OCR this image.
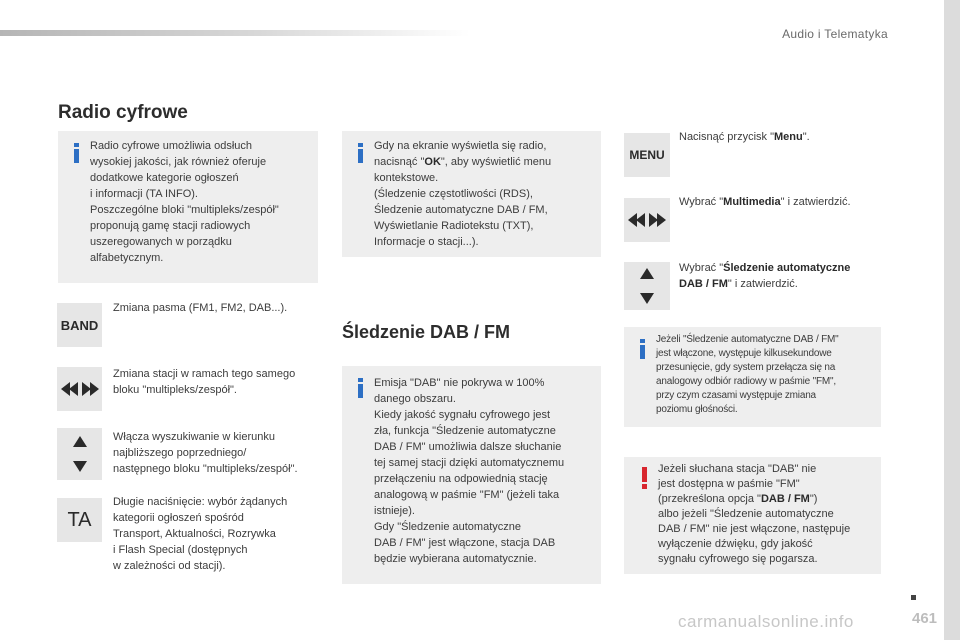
Audio i Telematyka
Radio cyfrowe
Radio cyfrowe umożliwia odsłuch
wysokiej jakości, jak również oferuje
dodatkowe kategorie ogłoszeń
i informacji (TA INFO).
Poszczególne bloki "multipleks/zespół"
proponują gamę stacji radiowych
uszeregowanych w porządku
alfabetycznym.
BAND
Zmiana pasma (FM1, FM2, DAB...).
Zmiana stacji w ramach tego samego
bloku "multipleks/zespół".
Włącza wyszukiwanie w kierunku
najbliższego poprzedniego/
następnego bloku "multipleks/zespół".
TA
Długie naciśnięcie: wybór żądanych
kategorii ogłoszeń spośród
Transport, Aktualności, Rozrywka
i Flash Special (dostępnych
w zależności od stacji).
Gdy na ekranie wyświetla się radio,
nacisnąć "OK", aby wyświetlić menu
kontekstowe.
(Śledzenie częstotliwości (RDS),
Śledzenie automatyczne DAB / FM,
Wyświetlanie Radiotekstu (TXT),
Informacje o stacji...).
Śledzenie DAB / FM
Emisja "DAB" nie pokrywa w 100%
danego obszaru.
Kiedy jakość sygnału cyfrowego jest
zła, funkcja "Śledzenie automatyczne
DAB / FM" umożliwia dalsze słuchanie
tej samej stacji dzięki automatycznemu
przełączeniu na odpowiednią stację
analogową w paśmie "FM" (jeżeli taka
istnieje).
Gdy "Śledzenie automatyczne
DAB / FM" jest włączone, stacja DAB
będzie wybierana automatycznie.
MENU
Nacisnąć przycisk "Menu".
Wybrać "Multimedia" i zatwierdzić.
Wybrać "Śledzenie automatyczne
DAB / FM" i zatwierdzić.
Jeżeli "Śledzenie automatyczne DAB / FM"
jest włączone, występuje kilkusekundowe
przesunięcie, gdy system przełącza się na
analogowy odbiór radiowy w paśmie "FM",
przy czym czasami występuje zmiana
poziomu głośności.
Jeżeli słuchana stacja "DAB" nie
jest dostępna w paśmie "FM"
(przekreślona opcja "DAB / FM")
albo jeżeli "Śledzenie automatyczne
DAB / FM" nie jest włączone, następuje
wyłączenie dźwięku, gdy jakość
sygnału cyfrowego się pogarsza.
461
carmanualsonline.info
